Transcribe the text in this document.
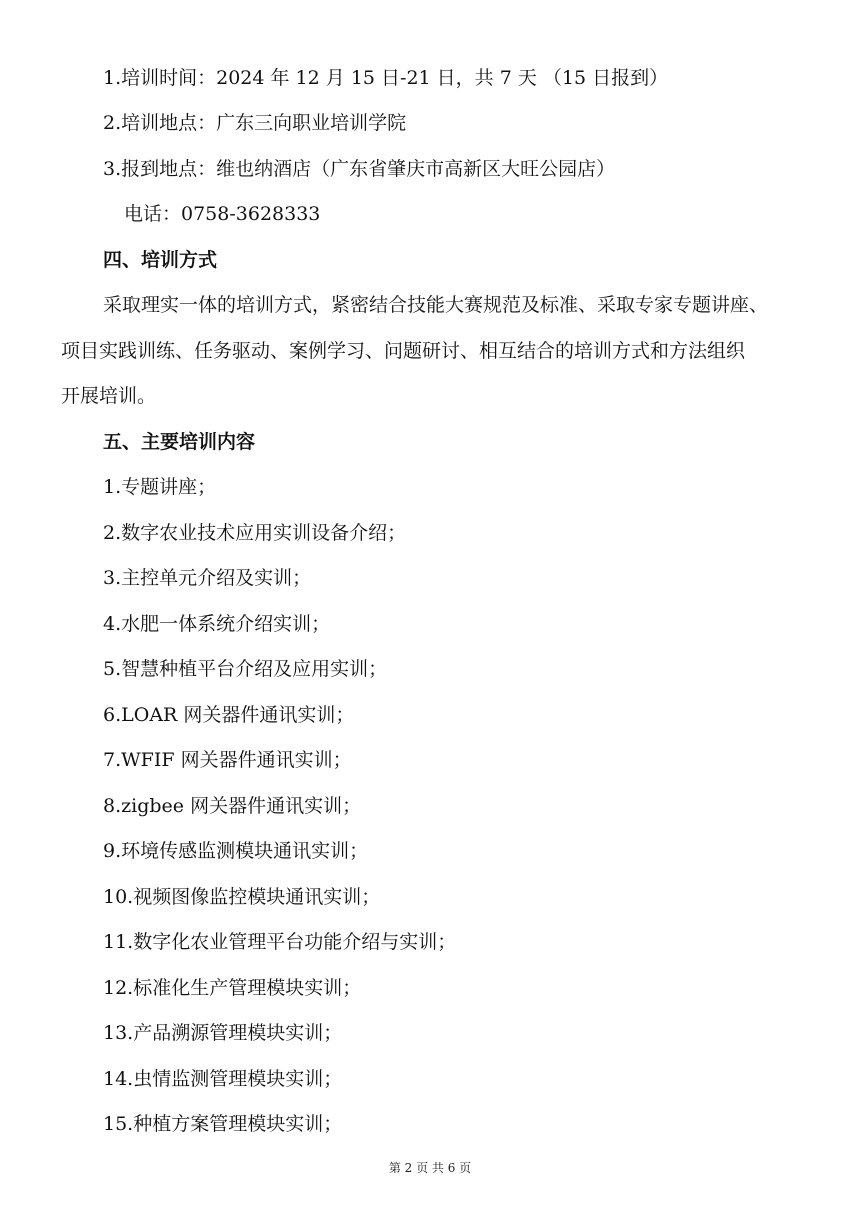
1.培训时间：2024 年 12 月 15 日-21 日，共 7 天 （15 日报到）
2.培训地点：广东三向职业培训学院
3.报到地点：维也纳酒店（广东省肇庆市高新区大旺公园店）
电话：0758-3628333
四、培训方式
采取理实一体的培训方式，紧密结合技能大赛规范及标准、采取专家专题讲座、
项目实践训练、任务驱动、案例学习、问题研讨、相互结合的培训方式和方法组织
开展培训。
五、主要培训内容
1.专题讲座；
2.数字农业技术应用实训设备介绍；
3.主控单元介绍及实训；
4.水肥一体系统介绍实训；
5.智慧种植平台介绍及应用实训；
6.LOAR 网关器件通讯实训；
7.WFIF 网关器件通讯实训；
8.zigbee 网关器件通讯实训；
9.环境传感监测模块通讯实训；
10.视频图像监控模块通讯实训；
11.数字化农业管理平台功能介绍与实训；
12.标准化生产管理模块实训；
13.产品溯源管理模块实训；
14.虫情监测管理模块实训；
15.种植方案管理模块实训；
第 2 页 共 6 页
